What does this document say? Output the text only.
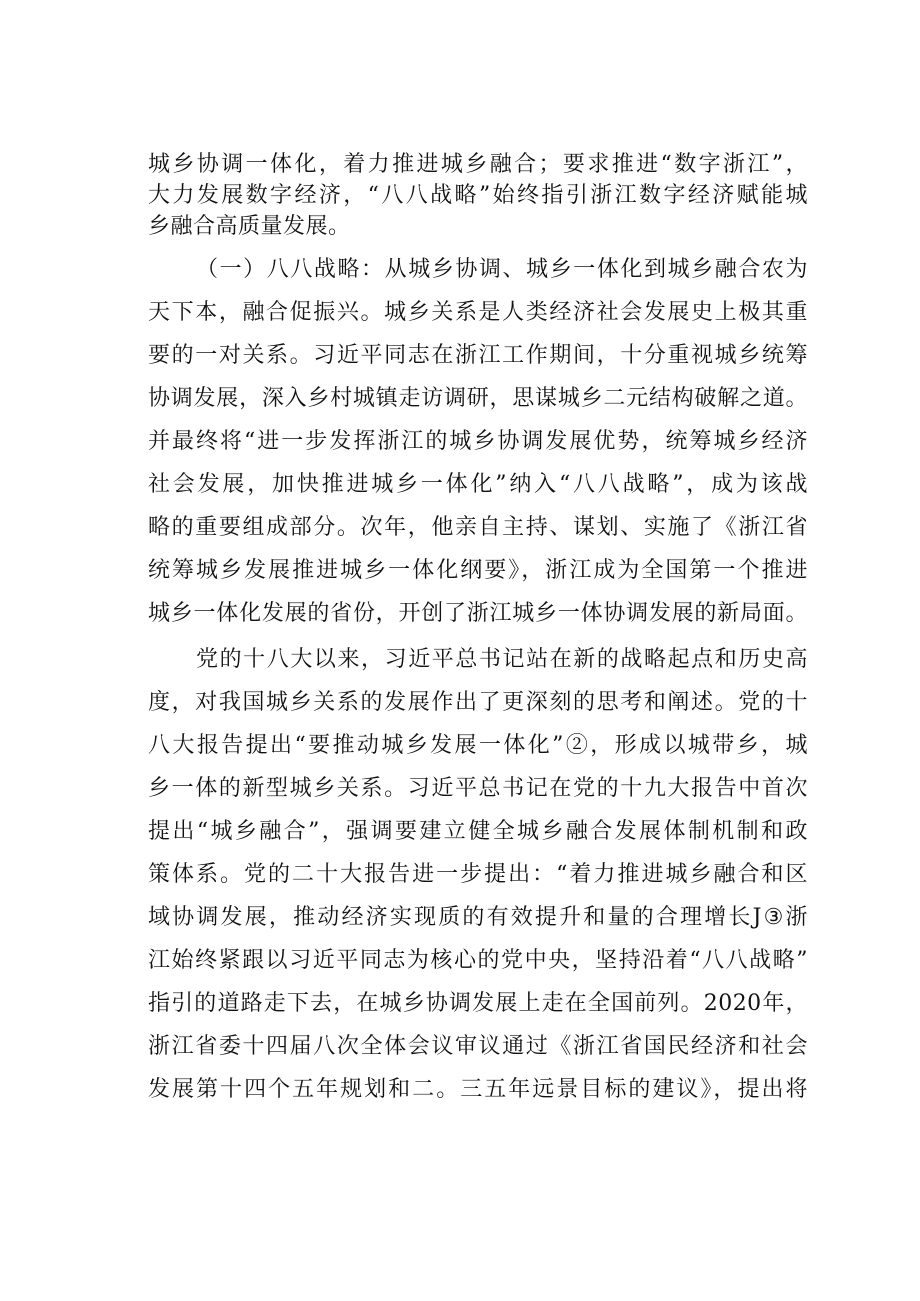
城乡协调一体化，着力推进城乡融合；要求推进“数字浙江”，
大力发展数字经济，“八八战略”始终指引浙江数字经济赋能城
乡融合高质量发展。
（一）八八战略：从城乡协调、城乡一体化到城乡融合农为
天下本，融合促振兴。城乡关系是人类经济社会发展史上极其重
要的一对关系。习近平同志在浙江工作期间，十分重视城乡统筹
协调发展，深入乡村城镇走访调研，思谋城乡二元结构破解之道。
并最终将“进一步发挥浙江的城乡协调发展优势，统筹城乡经济
社会发展，加快推进城乡一体化”纳入“八八战略”，成为该战
略的重要组成部分。次年，他亲自主持、谋划、实施了《浙江省
统筹城乡发展推进城乡一体化纲要》，浙江成为全国第一个推进
城乡一体化发展的省份，开创了浙江城乡一体协调发展的新局面。
党的十八大以来，习近平总书记站在新的战略起点和历史高
度，对我国城乡关系的发展作出了更深刻的思考和阐述。党的十
八大报告提出“要推动城乡发展一体化”②，形成以城带乡，城
乡一体的新型城乡关系。习近平总书记在党的十九大报告中首次
提出“城乡融合”，强调要建立健全城乡融合发展体制机制和政
策体系。党的二十大报告进一步提出：“着力推进城乡融合和区
域协调发展，推动经济实现质的有效提升和量的合理增长J③浙
江始终紧跟以习近平同志为核心的党中央，坚持沿着“八八战略”
指引的道路走下去，在城乡协调发展上走在全国前列。2020年，
浙江省委十四届八次全体会议审议通过《浙江省国民经济和社会
发展第十四个五年规划和二。三五年远景目标的建议》，提出将
